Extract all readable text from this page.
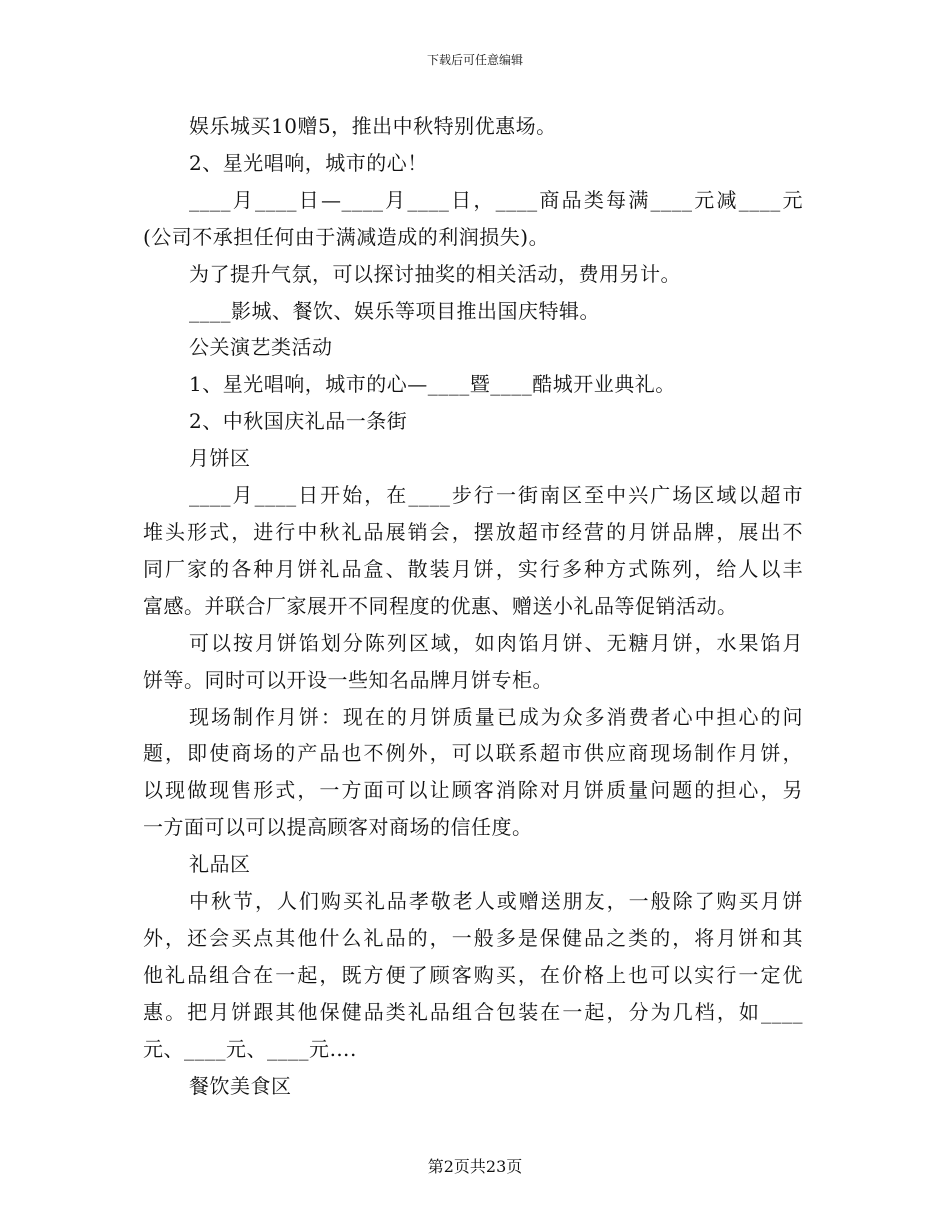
下载后可任意编辑
娱乐城买10赠5，推出中秋特别优惠场。
2、星光唱响，城市的心！
____月____日—____月____日，____商品类每满____元减____元
(公司不承担任何由于满减造成的利润损失)。
为了提升气氛，可以探讨抽奖的相关活动，费用另计。
____影城、餐饮、娱乐等项目推出国庆特辑。
公关演艺类活动
1、星光唱响，城市的心—____暨____酷城开业典礼。
2、中秋国庆礼品一条街
月饼区
____月____日开始，在____步行一街南区至中兴广场区域以超市
堆头形式，进行中秋礼品展销会，摆放超市经营的月饼品牌，展出不
同厂家的各种月饼礼品盒、散装月饼，实行多种方式陈列，给人以丰
富感。并联合厂家展开不同程度的优惠、赠送小礼品等促销活动。
可以按月饼馅划分陈列区域，如肉馅月饼、无糖月饼，水果馅月
饼等。同时可以开设一些知名品牌月饼专柜。
现场制作月饼：现在的月饼质量已成为众多消费者心中担心的问
题，即使商场的产品也不例外，可以联系超市供应商现场制作月饼，
以现做现售形式，一方面可以让顾客消除对月饼质量问题的担心，另
一方面可以可以提高顾客对商场的信任度。
礼品区
中秋节，人们购买礼品孝敬老人或赠送朋友，一般除了购买月饼
外，还会买点其他什么礼品的，一般多是保健品之类的，将月饼和其
他礼品组合在一起，既方便了顾客购买，在价格上也可以实行一定优
惠。把月饼跟其他保健品类礼品组合包装在一起，分为几档，如____
元、____元、____元….
餐饮美食区
第2页共23页
